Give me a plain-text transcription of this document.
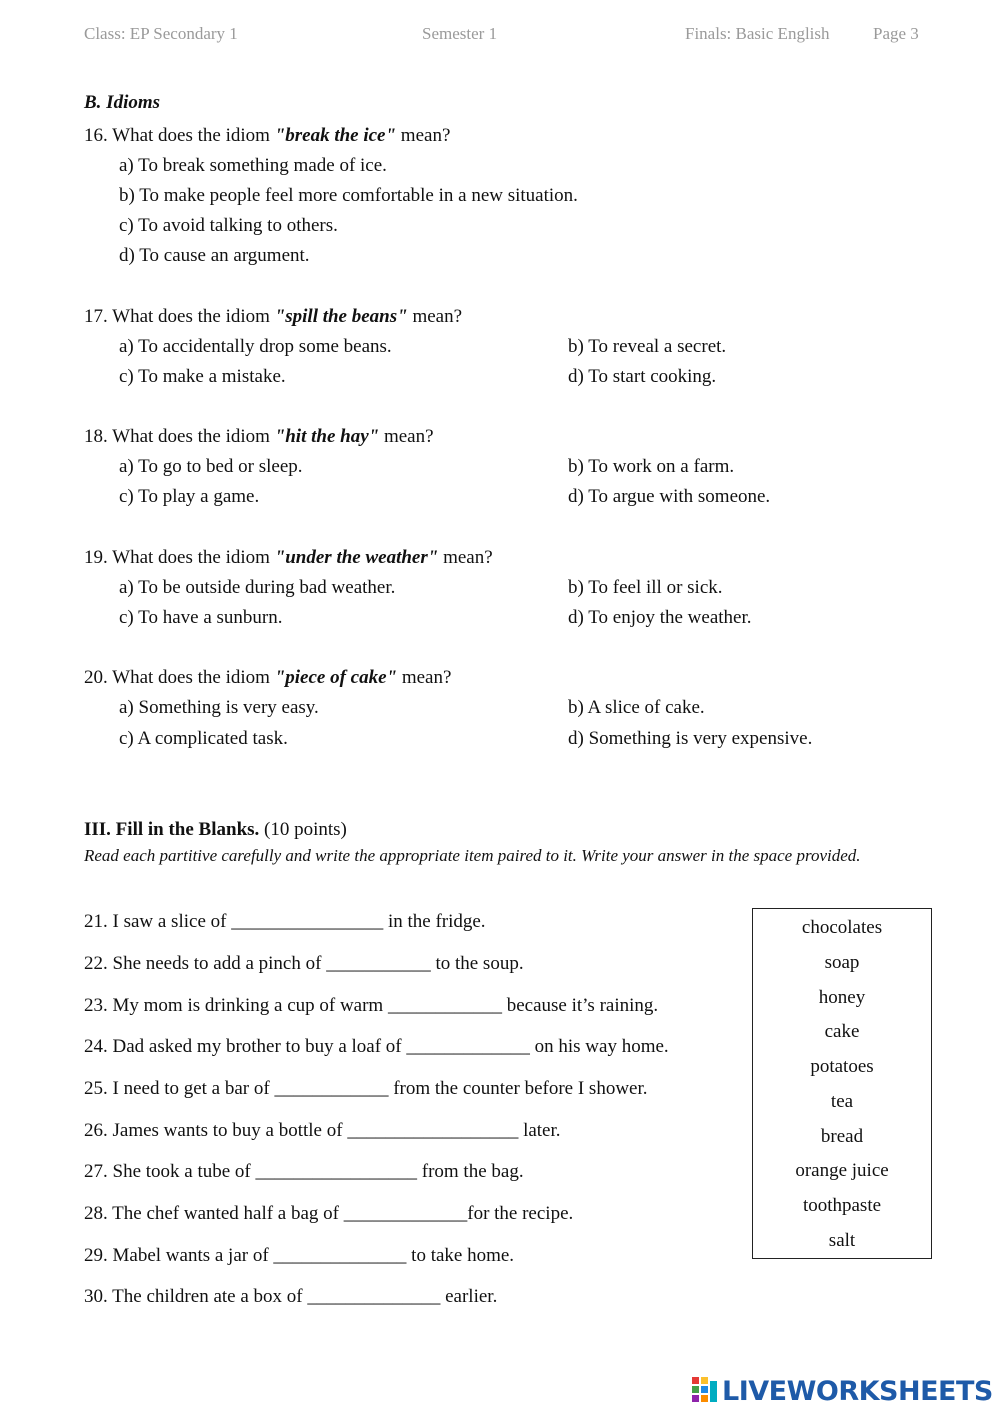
Class: EP Secondary 1	Semester 1	Finals: Basic English	Page 3
B. Idioms
16. What does the idiom "break the ice" mean?
a) To break something made of ice.
b) To make people feel more comfortable in a new situation.
c) To avoid talking to others.
d) To cause an argument.
17. What does the idiom "spill the beans" mean?
a) To accidentally drop some beans.	b) To reveal a secret.
c) To make a mistake.	d) To start cooking.
18. What does the idiom "hit the hay" mean?
a) To go to bed or sleep.	b) To work on a farm.
c) To play a game.	d) To argue with someone.
19. What does the idiom "under the weather" mean?
a) To be outside during bad weather.	b) To feel ill or sick.
c) To have a sunburn.	d) To enjoy the weather.
20. What does the idiom "piece of cake" mean?
a) Something is very easy.	b) A slice of cake.
c) A complicated task.	d) Something is very expensive.
III. Fill in the Blanks. (10 points)
Read each partitive carefully and write the appropriate item paired to it. Write your answer in the space provided.
21. I saw a slice of ________________ in the fridge.
22. She needs to add a pinch of ___________ to the soup.
23. My mom is drinking a cup of warm ____________ because it’s raining.
24. Dad asked my brother to buy a loaf of _____________ on his way home.
25. I need to get a bar of ____________ from the counter before I shower.
26. James wants to buy a bottle of __________________ later.
27. She took a tube of _________________ from the bag.
28. The chef wanted half a bag of _____________for the recipe.
29. Mabel wants a jar of ______________ to take home.
30. The children ate a box of ______________ earlier.
chocolates
soap
honey
cake
potatoes
tea
bread
orange juice
toothpaste
salt
LIVEWORKSHEETS
